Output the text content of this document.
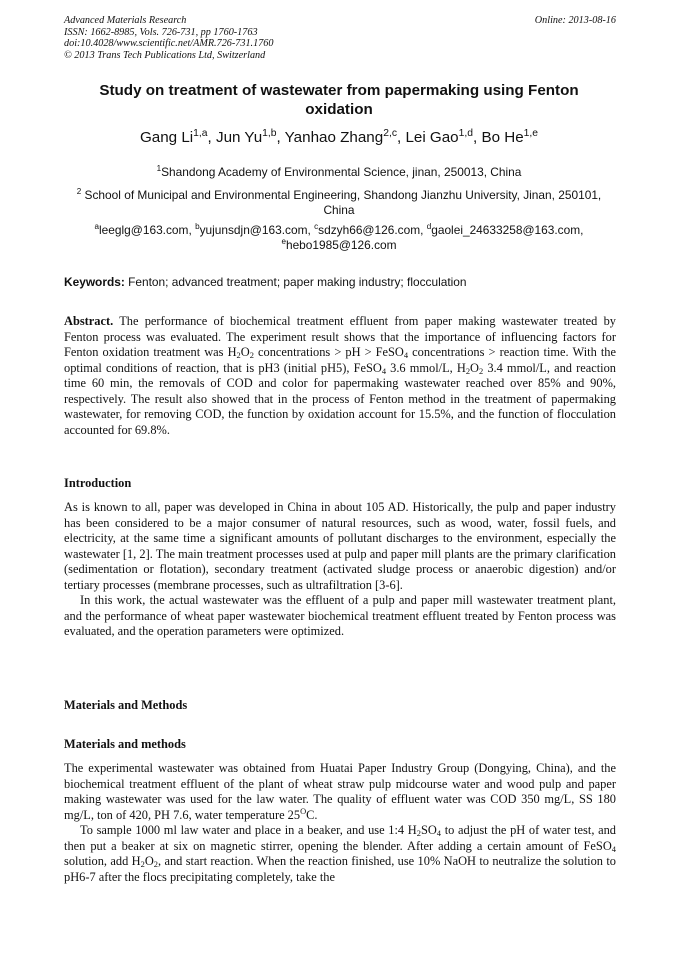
Advanced Materials Research
ISSN: 1662-8985, Vols. 726-731, pp 1760-1763
doi:10.4028/www.scientific.net/AMR.726-731.1760
© 2013 Trans Tech Publications Ltd, Switzerland
Online: 2013-08-16
Study on treatment of wastewater from papermaking using Fenton oxidation
Gang Li$^{1,a}$, Jun Yu$^{1,b}$, Yanhao Zhang$^{2,c}$, Lei Gao$^{1,d}$, Bo He$^{1,e}$
$^1$Shandong Academy of Environmental Science, jinan, 250013, China
$^2$ School of Municipal and Environmental Engineering, Shandong Jianzhu University, Jinan, 250101, China
$^a$leeglg@163.com, $^b$yujunsdjn@163.com, $^c$sdzyh66@126.com, $^d$gaolei_24633258@163.com,
$^e$hebo1985@126.com
Keywords: Fenton; advanced treatment; paper making industry; flocculation
Abstract. The performance of biochemical treatment effluent from paper making wastewater treated by Fenton process was evaluated. The experiment result shows that the importance of influencing factors for Fenton oxidation treatment was $H_2O_2$ concentrations > pH > FeSO$_4$ concentrations > reaction time. With the optimal conditions of reaction, that is pH3 (initial pH5), FeSO$_4$ 3.6 mmol/L, $H_2O_2$ 3.4 mmol/L, and reaction time 60 min, the removals of COD and color for papermaking wastewater reached over 85% and 90%, respectively. The result also showed that in the process of Fenton method in the treatment of papermaking wastewater, for removing COD, the function by oxidation account for 15.5%, and the function of flocculation accounted for 69.8%.
Introduction

As is known to all, paper was developed in China in about 105 AD. Historically, the pulp and paper industry has been considered to be a major consumer of natural resources, such as wood, water, fossil fuels, and electricity, at the same time a significant amounts of pollutant discharges to the environment, especially the wastewater [1, 2]. The main treatment processes used at pulp and paper mill plants are the primary clarification (sedimentation or flotation), secondary treatment (activated sludge process or anaerobic digestion) and/or tertiary processes (membrane processes, such as ultrafiltration [3-6].

In this work, the actual wastewater was the effluent of a pulp and paper mill wastewater treatment plant, and the performance of wheat paper wastewater biochemical treatment effluent treated by Fenton process was evaluated, and the operation parameters were optimized.

Materials and Methods
Materials and methods

The experimental wastewater was obtained from Huatai Paper Industry Group (Dongying, China), and the biochemical treatment effluent of the plant of wheat straw pulp midcourse water and wood pulp and paper making wastewater was used for the law water. The quality of effluent water was COD 350 mg/L, SS 180 mg/L, ton of 420, PH 7.6, water temperature $25^OC$.

To sample 1000 ml law water and place in a beaker, and use 1:4 $H_2SO_4$ to adjust the pH of water test, and then put a beaker at six on magnetic stirrer, opening the blender. After adding a certain amount of FeSO$_4$ solution, add $H_2O_2$, and start reaction. When the reaction finished, use 10% NaOH to neutralize the solution to pH6-7 after the flocs precipitating completely, take the
